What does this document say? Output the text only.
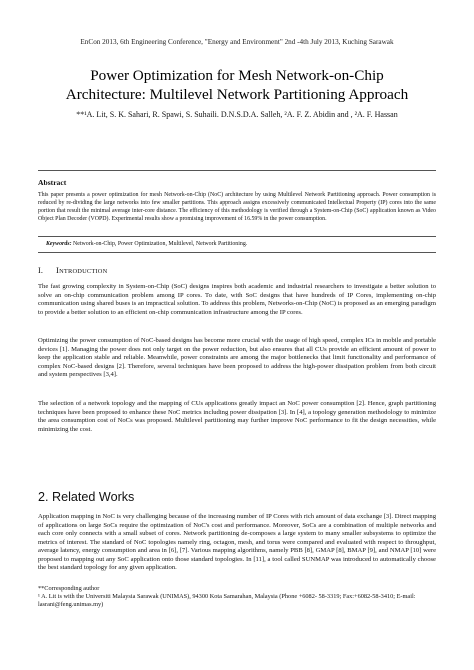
EnCon 2013, 6th Engineering Conference, "Energy and Environment" 2nd -4th July 2013, Kuching Sarawak
Power Optimization for Mesh Network-on-Chip
Architecture: Multilevel Network Partitioning Approach
**¹A. Lit, S. K. Sahari, R. Spawi, S. Suhaili. D.N.S.D.A. Salleh, ²A. F. Z. Abidin and , ²A. F. Hassan
Abstract
This paper presents a power optimization for mesh Network-on-Chip (NoC) architecture by using Multilevel Network Partitioning approach. Power consumption is reduced by re-dividing the large networks into few smaller partitions. This approach assigns excessively communicated Intellectual Property (IP) cores into the same portion that result the minimal average inter-core distance. The efficiency of this methodology is verified through a System-on-Chip (SoC) application known as Video Object Plan Decoder (VOPD). Experimental results show a promising improvement of 16.59% in the power consumption.
Keywords: Network-on-Chip, Power Optimization, Multilevel, Network Partitioning.
I. INTRODUCTION
The fast growing complexity in System-on-Chip (SoC) designs inspires both academic and industrial researchers to investigate a better solution to solve an on-chip communication problem among IP cores. To date, with SoC designs that have hundreds of IP Cores, implementing on-chip communication using shared buses is an impractical solution. To address this problem, Networks-on-Chip (NoC) is proposed as an emerging paradigm to provide a better solution to an efficient on-chip communication infrastructure among the IP cores.
Optimizing the power consumption of NoC-based designs has become more crucial with the usage of high speed, complex ICs in mobile and portable devices [1]. Managing the power does not only target on the power reduction, but also ensures that all CUs provide an efficient amount of power to keep the application stable and reliable. Meanwhile, power constraints are among the major bottlenecks that limit functionality and performance of complex NoC-based designs [2]. Therefore, several techniques have been proposed to address the high-power dissipation problem from both circuit and system perspectives [3,4].
The selection of a network topology and the mapping of CUs applications greatly impact an NoC power consumption [2]. Hence, graph partitioning techniques have been proposed to enhance these NoC metrics including power dissipation [3]. In [4], a topology generation methodology to minimize the area consumption cost of NoCs was proposed. Multilevel partitioning may further improve NoC performance to fit the design necessities, while minimizing the cost.
2. Related Works
Application mapping in NoC is very challenging because of the increasing number of IP Cores with rich amount of data exchange [3]. Direct mapping of applications on large SoCs require the optimization of NoC's cost and performance. Moreover, SoCs are a combination of multiple networks and each core only connects with a small subset of cores. Network partitioning de-composes a large system to many smaller subsystems to optimize the metrics of interest. The standard of NoC topologies namely ring, octagon, mesh, and torus were compared and evaluated with respect to throughput, average latency, energy consumption and area in [6], [7]. Various mapping algorithms, namely PBB [8], GMAP [8], BMAP [9], and NMAP [10] were proposed to mapping out any SoC application onto those standard topologies. In [11], a tool called SUNMAP was introduced to automatically choose the best standard topology for any given application.
**Corresponding author
¹ A. Lit is with the Universiti Malaysia Sarawak (UNIMAS), 94300 Kota Samarahan, Malaysia (Phone +6082- 58-3319; Fax:+6082-58-3410; E-mail: lasrani@feng.unimas.my)
